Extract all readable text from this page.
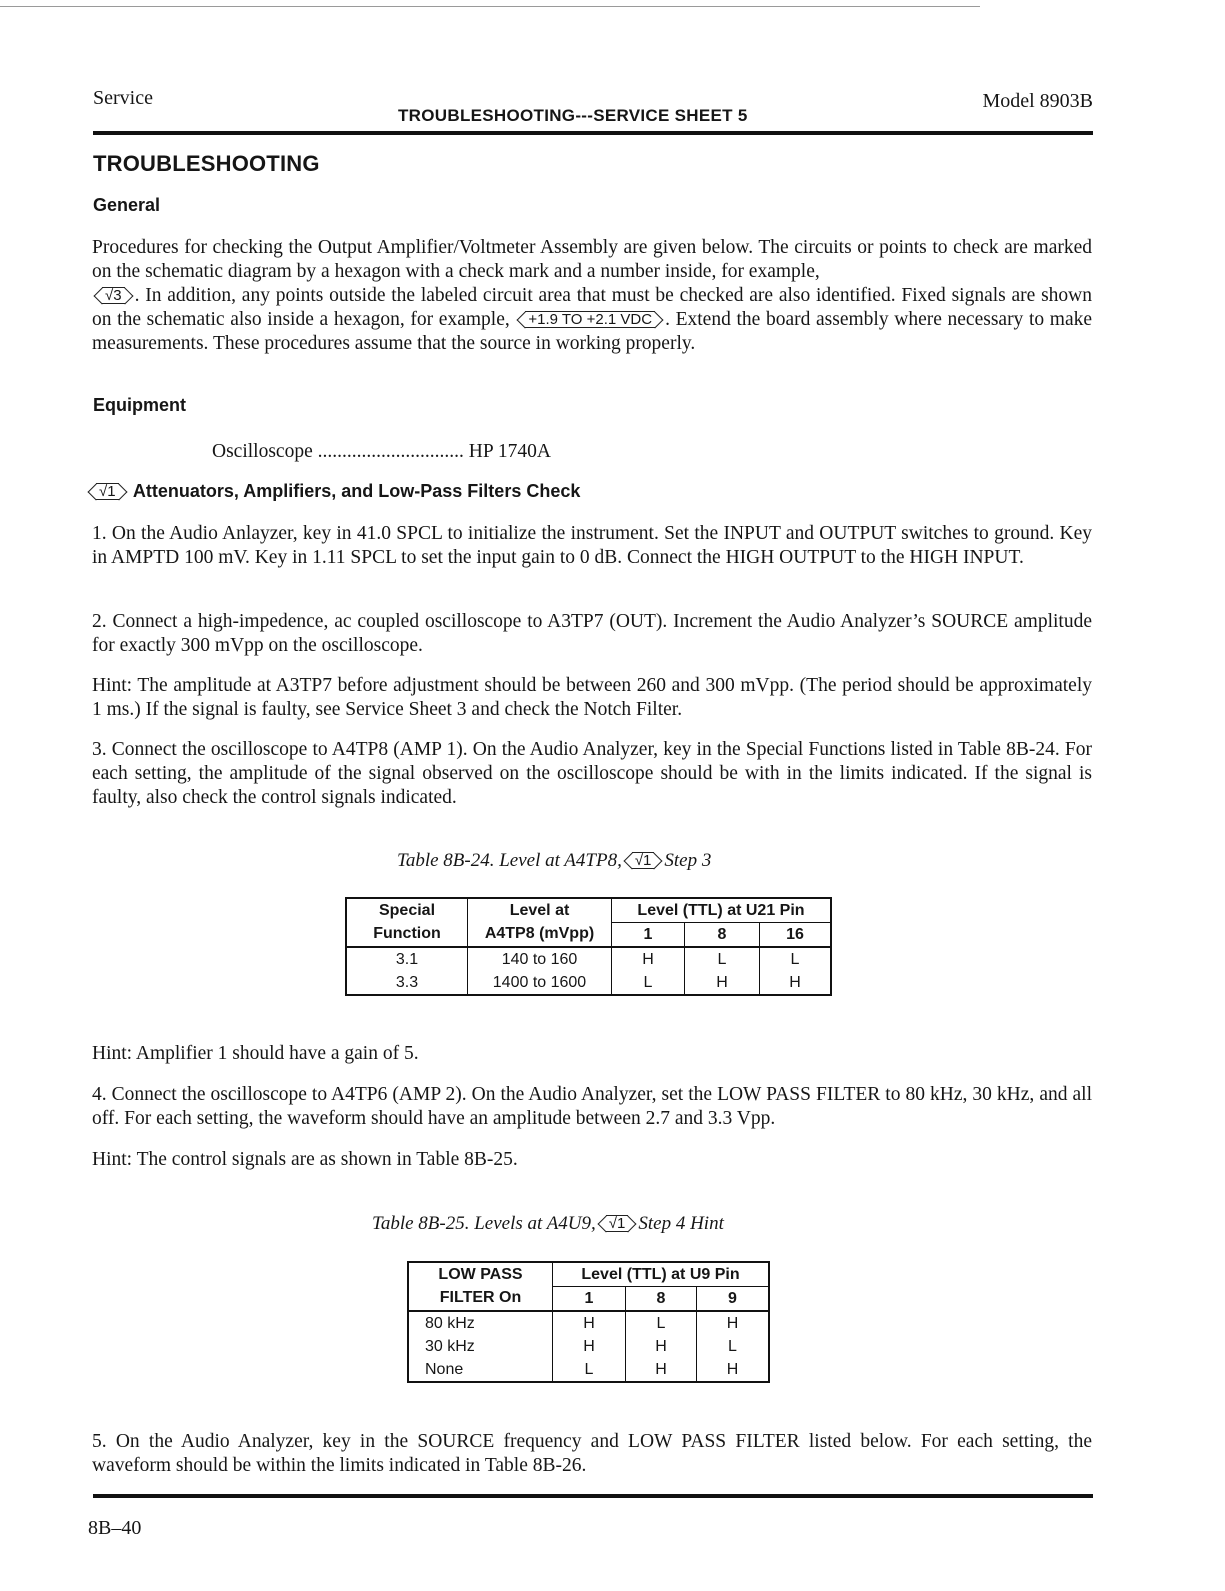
Service	Model 8903B
TROUBLESHOOTING---SERVICE SHEET 5
TROUBLESHOOTING
General
Procedures for checking the Output Amplifier/Voltmeter Assembly are given below. The circuits or points to check are marked on the schematic diagram by a hexagon with a check mark and a number inside, for example,
√3 . In addition, any points outside the labeled circuit area that must be checked are also identified. Fixed signals are shown on the schematic also inside a hexagon, for example, +1.9 TO +2.1 VDC . Extend the board assembly where necessary to make measurements. These procedures assume that the source in working properly.
Equipment
Oscilloscope .............................. HP 1740A
√1 Attenuators, Amplifiers, and Low-Pass Filters Check
1. On the Audio Anlayzer, key in 41.0 SPCL to initialize the instrument. Set the INPUT and OUTPUT switches to ground. Key in AMPTD 100 mV. Key in 1.11 SPCL to set the input gain to 0 dB. Connect the HIGH OUTPUT to the HIGH INPUT.
2. Connect a high-impedence, ac coupled oscilloscope to A3TP7 (OUT). Increment the Audio Analyzer’s SOURCE amplitude for exactly 300 mVpp on the oscilloscope.
Hint: The amplitude at A3TP7 before adjustment should be between 260 and 300 mVpp. (The period should be approximately 1 ms.) If the signal is faulty, see Service Sheet 3 and check the Notch Filter.
3. Connect the oscilloscope to A4TP8 (AMP 1). On the Audio Analyzer, key in the Special Functions listed in Table 8B-24. For each setting, the amplitude of the signal observed on the oscilloscope should be with in the limits indicated. If the signal is faulty, also check the control signals indicated.
Table 8B-24. Level at A4TP8, √1 Step 3
Special	Level at	Level (TTL) at U21 Pin		
Function	A4TP8 (mVpp)	1	8	16
3.1	140 to 160	H	L	L
3.3	1400 to 1600	L	H	H
Hint: Amplifier 1 should have a gain of 5.
4. Connect the oscilloscope to A4TP6 (AMP 2). On the Audio Analyzer, set the LOW PASS FILTER to 80 kHz, 30 kHz, and all off. For each setting, the waveform should have an amplitude between 2.7 and 3.3 Vpp.
Hint: The control signals are as shown in Table 8B-25.
Table 8B-25. Levels at A4U9, √1 Step 4 Hint
LOW PASS	Level (TTL) at U9 Pin		
FILTER On	1	8	9
80 kHz	H	L	H
30 kHz	H	H	L
None	L	H	H
5. On the Audio Analyzer, key in the SOURCE frequency and LOW PASS FILTER listed below. For each setting, the waveform should be within the limits indicated in Table 8B-26.
8B–40
